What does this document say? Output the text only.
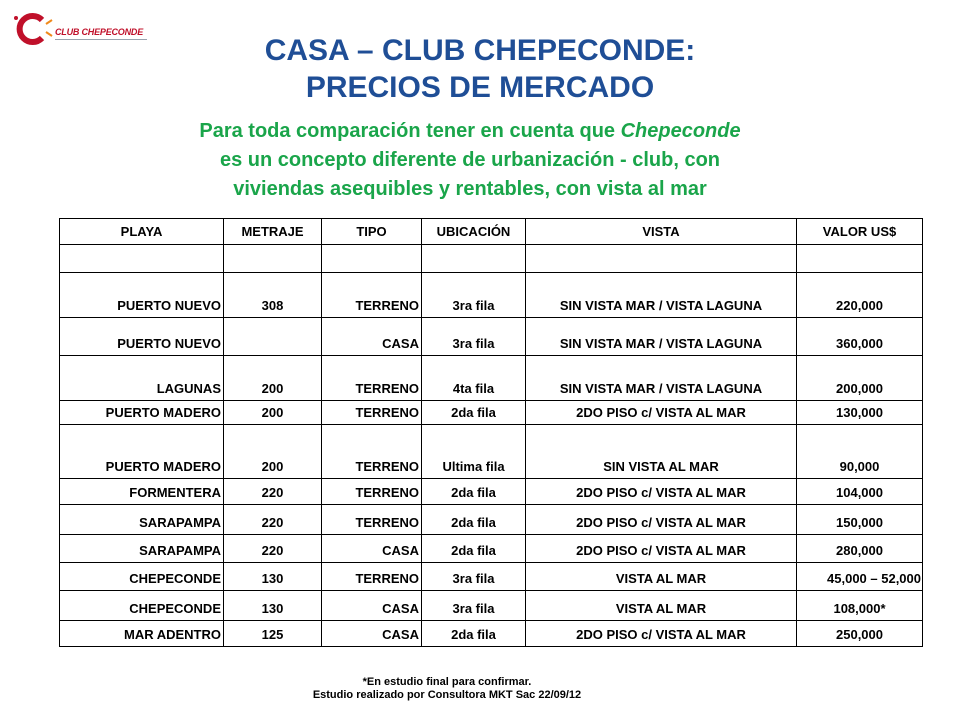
CLUB CHEPECONDE
CASA – CLUB CHEPECONDE:
PRECIOS DE MERCADO
Para toda comparación tener en cuenta que Chepeconde
es un concepto diferente de urbanización - club, con
viviendas asequibles y rentables, con vista al mar
PLAYA	METRAJE	TIPO	UBICACIÓN	VISTA	VALOR US$

PUERTO NUEVO	308	TERRENO	3ra fila	SIN VISTA MAR / VISTA LAGUNA	220,000
PUERTO NUEVO		CASA	3ra fila	SIN VISTA MAR / VISTA LAGUNA	360,000
LAGUNAS	200	TERRENO	4ta fila	SIN VISTA MAR / VISTA LAGUNA	200,000
PUERTO MADERO	200	TERRENO	2da fila	2DO PISO c/ VISTA AL MAR	130,000
PUERTO MADERO	200	TERRENO	Ultima fila	SIN VISTA AL MAR	90,000
FORMENTERA	220	TERRENO	2da fila	2DO PISO c/ VISTA AL MAR	104,000
SARAPAMPA	220	TERRENO	2da fila	2DO PISO c/ VISTA AL MAR	150,000
SARAPAMPA	220	CASA	2da fila	2DO PISO c/ VISTA AL MAR	280,000
CHEPECONDE	130	TERRENO	3ra fila	VISTA AL MAR	45,000 – 52,000
CHEPECONDE	130	CASA	3ra fila	VISTA AL MAR	108,000*
MAR ADENTRO	125	CASA	2da fila	2DO PISO c/ VISTA AL MAR	250,000
*En estudio final para confirmar.
Estudio realizado por Consultora MKT Sac 22/09/12
